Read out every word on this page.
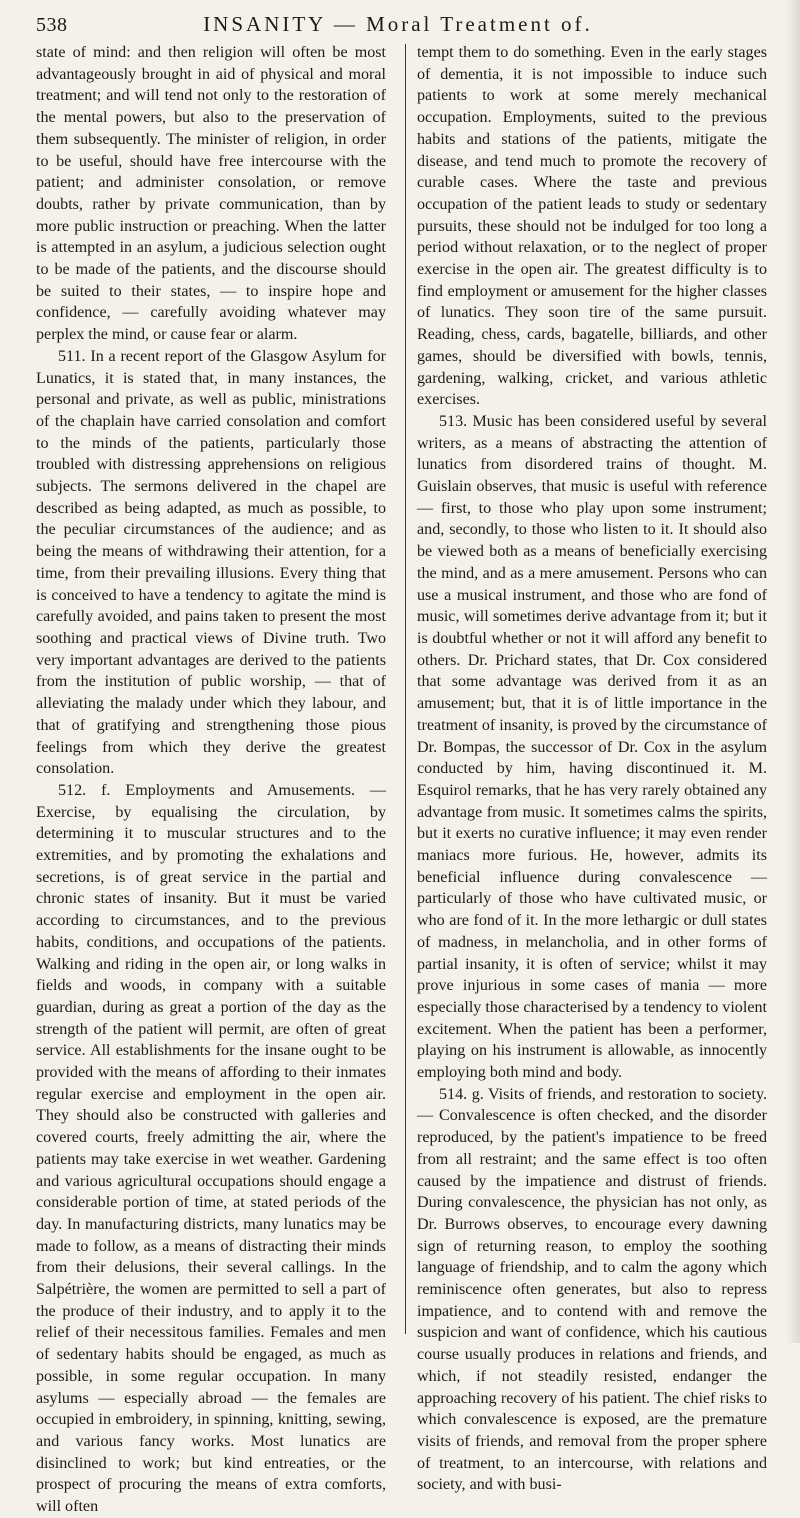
538	INSANITY — Moral Treatment of.

state of mind: and then religion will often be most advantageously brought in aid of physical and moral treatment; and will tend not only to the restoration of the mental powers, but also to the preservation of them subsequently. The minister of religion, in order to be useful, should have free intercourse with the patient; and administer consolation, or remove doubts, rather by private communication, than by more public instruction or preaching. When the latter is attempted in an asylum, a judicious selection ought to be made of the patients, and the discourse should be suited to their states, — to inspire hope and confidence, — carefully avoiding whatever may perplex the mind, or cause fear or alarm.

511. In a recent report of the Glasgow Asylum for Lunatics, it is stated that, in many instances, the personal and private, as well as public, ministrations of the chaplain have carried consolation and comfort to the minds of the patients, particularly those troubled with distressing apprehensions on religious subjects. The sermons delivered in the chapel are described as being adapted, as much as possible, to the peculiar circumstances of the audience; and as being the means of withdrawing their attention, for a time, from their prevailing illusions. Every thing that is conceived to have a tendency to agitate the mind is carefully avoided, and pains taken to present the most soothing and practical views of Divine truth. Two very important advantages are derived to the patients from the institution of public worship, — that of alleviating the malady under which they labour, and that of gratifying and strengthening those pious feelings from which they derive the greatest consolation.

512. f. Employments and Amusements. — Exercise, by equalising the circulation, by determining it to muscular structures and to the extremities, and by promoting the exhalations and secretions, is of great service in the partial and chronic states of insanity. But it must be varied according to circumstances, and to the previous habits, conditions, and occupations of the patients. Walking and riding in the open air, or long walks in fields and woods, in company with a suitable guardian, during as great a portion of the day as the strength of the patient will permit, are often of great service. All establishments for the insane ought to be provided with the means of affording to their inmates regular exercise and employment in the open air. They should also be constructed with galleries and covered courts, freely admitting the air, where the patients may take exercise in wet weather. Gardening and various agricultural occupations should engage a considerable portion of time, at stated periods of the day. In manufacturing districts, many lunatics may be made to follow, as a means of distracting their minds from their delusions, their several callings. In the Salpétrière, the women are permitted to sell a part of the produce of their industry, and to apply it to the relief of their necessitous families. Females and men of sedentary habits should be engaged, as much as possible, in some regular occupation. In many asylums — especially abroad — the females are occupied in embroidery, in spinning, knitting, sewing, and various fancy works. Most lunatics are disinclined to work; but kind entreaties, or the prospect of procuring the means of extra comforts, will often

tempt them to do something. Even in the early stages of dementia, it is not impossible to induce such patients to work at some merely mechanical occupation. Employments, suited to the previous habits and stations of the patients, mitigate the disease, and tend much to promote the recovery of curable cases. Where the taste and previous occupation of the patient leads to study or sedentary pursuits, these should not be indulged for too long a period without relaxation, or to the neglect of proper exercise in the open air. The greatest difficulty is to find employment or amusement for the higher classes of lunatics. They soon tire of the same pursuit. Reading, chess, cards, bagatelle, billiards, and other games, should be diversified with bowls, tennis, gardening, walking, cricket, and various athletic exercises.

513. Music has been considered useful by several writers, as a means of abstracting the attention of lunatics from disordered trains of thought. M. Guislain observes, that music is useful with reference — first, to those who play upon some instrument; and, secondly, to those who listen to it. It should also be viewed both as a means of beneficially exercising the mind, and as a mere amusement. Persons who can use a musical instrument, and those who are fond of music, will sometimes derive advantage from it; but it is doubtful whether or not it will afford any benefit to others. Dr. Prichard states, that Dr. Cox considered that some advantage was derived from it as an amusement; but, that it is of little importance in the treatment of insanity, is proved by the circumstance of Dr. Bompas, the successor of Dr. Cox in the asylum conducted by him, having discontinued it. M. Esquirol remarks, that he has very rarely obtained any advantage from music. It sometimes calms the spirits, but it exerts no curative influence; it may even render maniacs more furious. He, however, admits its beneficial influence during convalescence — particularly of those who have cultivated music, or who are fond of it. In the more lethargic or dull states of madness, in melancholia, and in other forms of partial insanity, it is often of service; whilst it may prove injurious in some cases of mania — more especially those characterised by a tendency to violent excitement. When the patient has been a performer, playing on his instrument is allowable, as innocently employing both mind and body.

514. g. Visits of friends, and restoration to society. — Convalescence is often checked, and the disorder reproduced, by the patient's impatience to be freed from all restraint; and the same effect is too often caused by the impatience and distrust of friends. During convalescence, the physician has not only, as Dr. Burrows observes, to encourage every dawning sign of returning reason, to employ the soothing language of friendship, and to calm the agony which reminiscence often generates, but also to repress impatience, and to contend with and remove the suspicion and want of confidence, which his cautious course usually produces in relations and friends, and which, if not steadily resisted, endanger the approaching recovery of his patient. The chief risks to which convalescence is exposed, are the premature visits of friends, and removal from the proper sphere of treatment, to an intercourse, with relations and society, and with busi-
